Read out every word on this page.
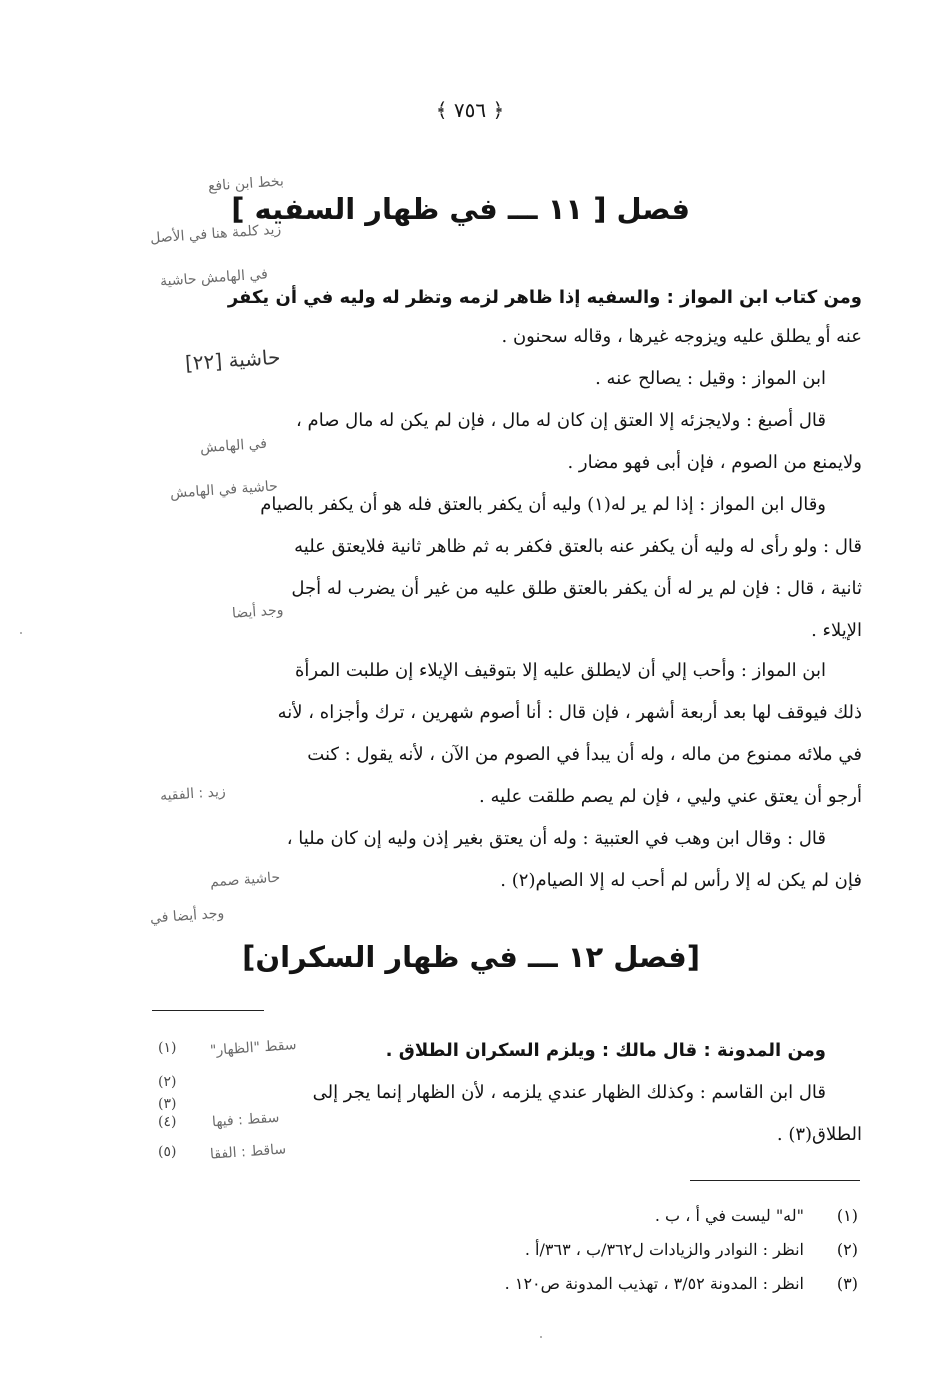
﴿ ٧٥٦ ﴾
فصل [ ١١ ـــ في ظهار السفيه ]
بخط ابن نافع
زيد كلمة هنا في الأصل
في الهامش حاشية
حاشية [٢٢]
في الهامش
حاشية في الهامش
وجد أيضا
زيد : الفقيه
حاشية صمم
وجد أيضا في
ومن كتاب ابن المواز : والسفيه إذا ظاهر لزمه وتظر له وليه في أن يكفر
عنه أو يطلق عليه ويزوجه غيرها ، وقاله سحنون .
ابن المواز : وقيل : يصالح عنه .
قال أصبغ : ولايجزئه إلا العتق إن كان له مال ، فإن لم يكن له مال صام ،
ولايمنع من الصوم ، فإن أبى فهو مضار .
وقال ابن المواز : إذا لم ير له(١) وليه أن يكفر بالعتق فله هو أن يكفر بالصيام
قال : ولو رأى له وليه أن يكفر عنه بالعتق فكفر به ثم ظاهر ثانية فلايعتق عليه
ثانية ، قال : فإن لم ير له أن يكفر بالعتق طلق عليه من غير أن يضرب له أجل
الإيلاء .
ابن المواز : وأحب إلي أن لايطلق عليه إلا بتوقيف الإيلاء إن طلبت المرأة
ذلك فيوقف لها بعد أربعة أشهر ، فإن قال : أنا أصوم شهرين ، ترك وأجزاه ، لأنه
في ملائه ممنوع من ماله ، وله أن يبدأ في الصوم من الآن ، لأنه يقول : كنت
أرجو أن يعتق عني وليي ، فإن لم يصم طلقت عليه .
قال : وقال ابن وهب في العتبية : وله أن يعتق بغير إذن وليه إن كان مليا ،
فإن لم يكن له إلا رأس لم أحب له إلا الصيام(٢) .
[فصل ١٢ ـــ في ظهار السكران]
ومن المدونة : قال مالك : ويلزم السكران الطلاق .
قال ابن القاسم : وكذلك الظهار عندي يلزمه ، لأن الظهار إنما يجر إلى
الطلاق(٣) .
(١)
(٢)
(٣)
(٤)
(٥)
سقط "الظهار"
سقط : فيها
ساقط : الفقا
(١)
"له" ليست في أ ، ب .
(٢)
انظر : النوادر والزيادات ل٣٦٢/ب ، ٣٦٣/أ .
(٣)
انظر : المدونة ٣/٥٢ ، تهذيب المدونة ص١٢٠ .
